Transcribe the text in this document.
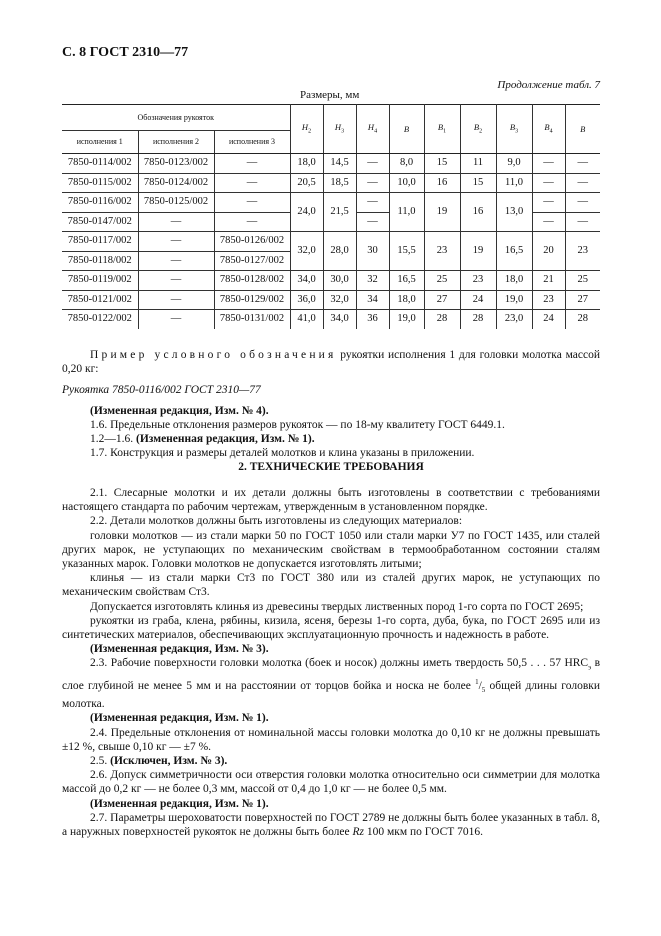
С. 8 ГОСТ 2310—77
Продолжение табл. 7
Размеры, мм
Обозначения рукояток			$H_2$	$H_3$	$H_4$	B	$B_1$	$B_2$	$B_3$	$B_4$	B
исполнения 1	исполнения 2	исполнения 3									
7850-0114/002	7850-0123/002	—	18,0	14,5	—	8,0	15	11	9,0	—	—
7850-0115/002	7850-0124/002	—	20,5	18,5	—	10,0	16	15	11,0	—	—
7850-0116/002	7850-0125/002	—	24,0	21,5	—	11,0	19	16	13,0	—	—
7850-0147/002	—	—			—					—	—
7850-0117/002	—	7850-0126/002	32,0	28,0	30	15,5	23	19	16,5	20	23
7850-0118/002	—	7850-0127/002									
7850-0119/002	—	7850-0128/002	34,0	30,0	32	16,5	25	23	18,0	21	25
7850-0121/002	—	7850-0129/002	36,0	32,0	34	18,0	27	24	19,0	23	27
7850-0122/002	—	7850-0131/002	41,0	34,0	36	19,0	28	28	23,0	24	28

Пример условного обозначения рукоятки исполнения 1 для головки молотка массой 0,20 кг:

Рукоятка 7850-0116/002 ГОСТ 2310—77

(Измененная редакция, Изм. № 4).

1.6. Предельные отклонения размеров рукояток — по 18-му квалитету ГОСТ 6449.1.

1.2—1.6. (Измененная редакция, Изм. № 1).

1.7. Конструкция и размеры деталей молотков и клина указаны в приложении.

2. ТЕХНИЧЕСКИЕ ТРЕБОВАНИЯ

2.1. Слесарные молотки и их детали должны быть изготовлены в соответствии с требованиями настоящего стандарта по рабочим чертежам, утвержденным в установленном порядке.

2.2. Детали молотков должны быть изготовлены из следующих материалов:

головки молотков — из стали марки 50 по ГОСТ 1050 или стали марки У7 по ГОСТ 1435, или сталей других марок, не уступающих по механическим свойствам в термообработанном состоянии сталям указанных марок. Головки молотков не допускается изготовлять литыми;

клинья — из стали марки Ст3 по ГОСТ 380 или из сталей других марок, не уступающих по механическим свойствам Ст3.

Допускается изготовлять клинья из древесины твердых лиственных пород 1-го сорта по ГОСТ 2695;

рукоятки из граба, клена, рябины, кизила, ясеня, березы 1-го сорта, дуба, бука, по ГОСТ 2695 или из синтетических материалов, обеспечивающих эксплуатационную прочность и надежность в работе.

(Измененная редакция, Изм. № 3).

2.3. Рабочие поверхности головки молотка (боек и носок) должны иметь твердость 50,5 . . . 57 $HRC_э$ в слое глубиной не менее 5 мм и на расстоянии от торцов бойка и носка не более $^1/_5$ общей длины головки молотка.

(Измененная редакция, Изм. № 1).

2.4. Предельные отклонения от номинальной массы головки молотка до 0,10 кг не должны превышать ±12 %, свыше 0,10 кг — ±7 %.

2.5. (Исключен, Изм. № 3).

2.6. Допуск симметричности оси отверстия головки молотка относительно оси симметрии для молотка массой до 0,2 кг — не более 0,3 мм, массой от 0,4 до 1,0 кг — не более 0,5 мм.

(Измененная редакция, Изм. № 1).

2.7. Параметры шероховатости поверхностей по ГОСТ 2789 не должны быть более указанных в табл. 8, а наружных поверхностей рукояток не должны быть более Rz 100 мкм по ГОСТ 7016.
